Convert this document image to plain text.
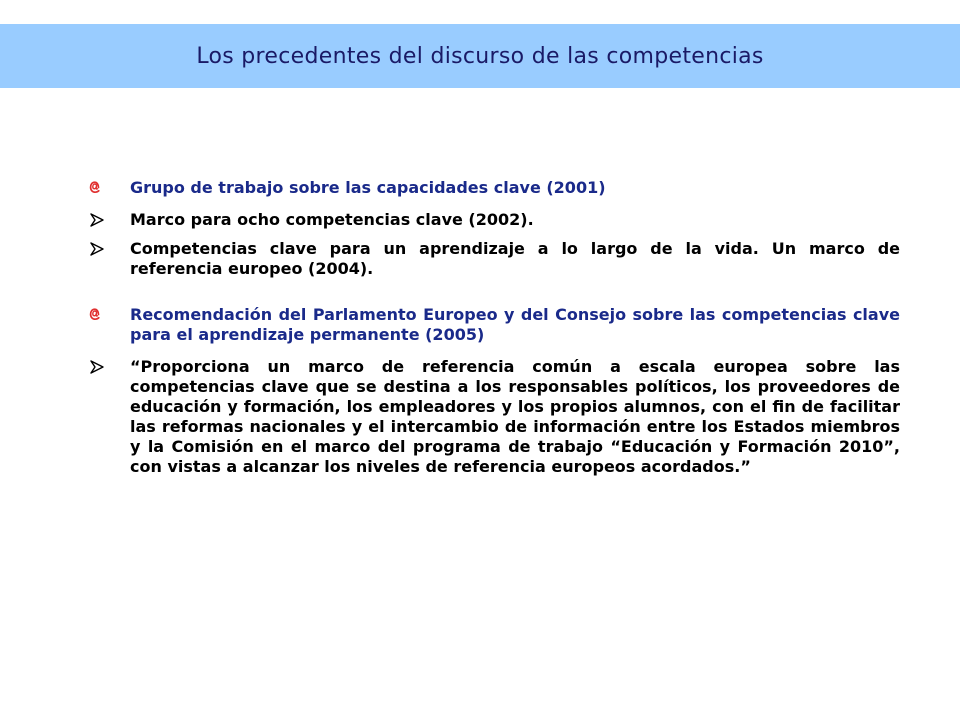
Los precedentes del discurso de las competencias
Grupo de trabajo sobre las capacidades clave (2001)
Marco para ocho competencias clave (2002).
Competencias clave para un aprendizaje a lo largo de la vida. Un marco de referencia europeo (2004).
Recomendación del Parlamento Europeo y del Consejo sobre las competencias clave para el aprendizaje permanente (2005)
“Proporciona un marco de referencia común a escala europea sobre las competencias clave que se destina a los responsables políticos, los proveedores de educación y formación, los empleadores y los propios alumnos, con el fin de facilitar las reformas nacionales y el intercambio de información entre los Estados miembros y la Comisión en el marco del programa de trabajo “Educación y Formación 2010”, con vistas a alcanzar los niveles de referencia europeos acordados.”
